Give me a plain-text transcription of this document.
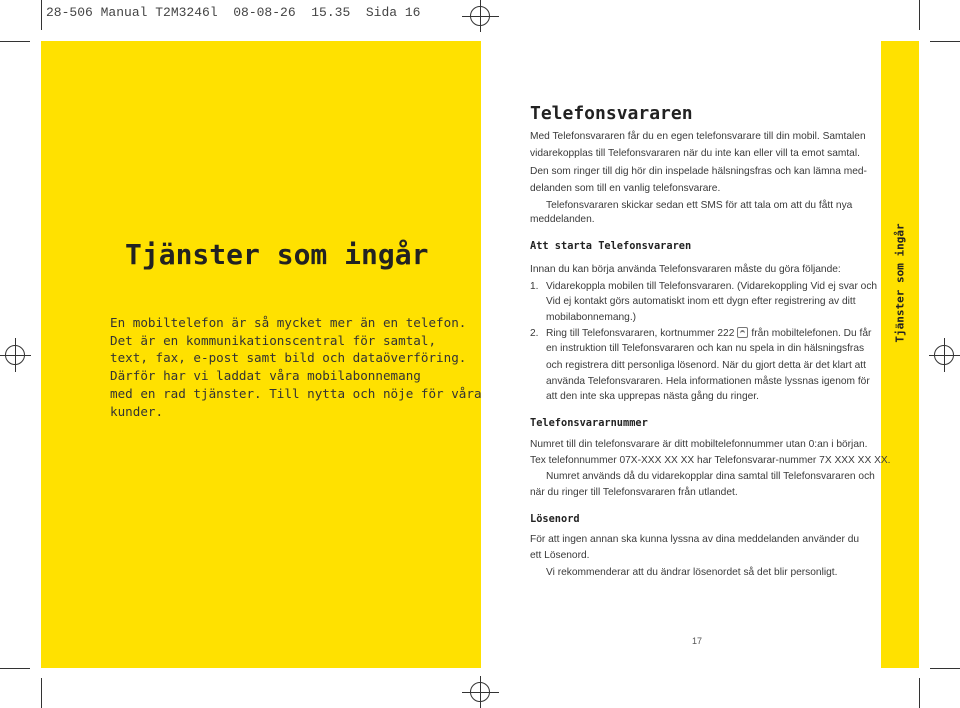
28-506 Manual T2M3246l  08-08-26  15.35  Sida 16
Tjänster som ingår
En mobiltelefon är så mycket mer än en telefon.
Det är en kommunikationscentral för samtal,
text, fax, e-post samt bild och dataöverföring.
Därför har vi laddat våra mobilabonnemang
med en rad tjänster. Till nytta och nöje för våra
kunder.
Telefonsvararen
Med Telefonsvararen får du en egen telefonsvarare till din mobil. Samtalen
vidarekopplas till Telefonsvararen när du inte kan eller vill ta emot samtal.
Den som ringer till dig hör din inspelade hälsningsfras och kan lämna med-
delanden som till en vanlig telefonsvarare.
Telefonsvararen skickar sedan ett SMS för att tala om att du fått nya
meddelanden.
Att starta Telefonsvararen
Innan du kan börja använda Telefonsvararen måste du göra följande:
1. Vidarekoppla mobilen till Telefonsvararen. (Vidarekoppling Vid ej svar och
Vid ej kontakt görs automatiskt inom ett dygn efter registrering av ditt
mobilabonnemang.)
2. Ring till Telefonsvararen, kortnummer 222 från mobiltelefonen. Du får
en instruktion till Telefonsvararen och kan nu spela in din hälsningsfras
och registrera ditt personliga lösenord. När du gjort detta är det klart att
använda Telefonsvararen. Hela informationen måste lyssnas igenom för
att den inte ska upprepas nästa gång du ringer.
Telefonsvararnummer
Numret till din telefonsvarare är ditt mobiltelefonnummer utan 0:an i början.
Tex telefonnummer 07X-XXX XX XX har Telefonsvarar-nummer 7X XXX XX XX.
Numret används då du vidarekopplar dina samtal till Telefonsvararen och
när du ringer till Telefonsvararen från utlandet.
Lösenord
För att ingen annan ska kunna lyssna av dina meddelanden använder du
ett Lösenord.
Vi rekommenderar att du ändrar lösenordet så det blir personligt.
Tjänster som ingår
17
